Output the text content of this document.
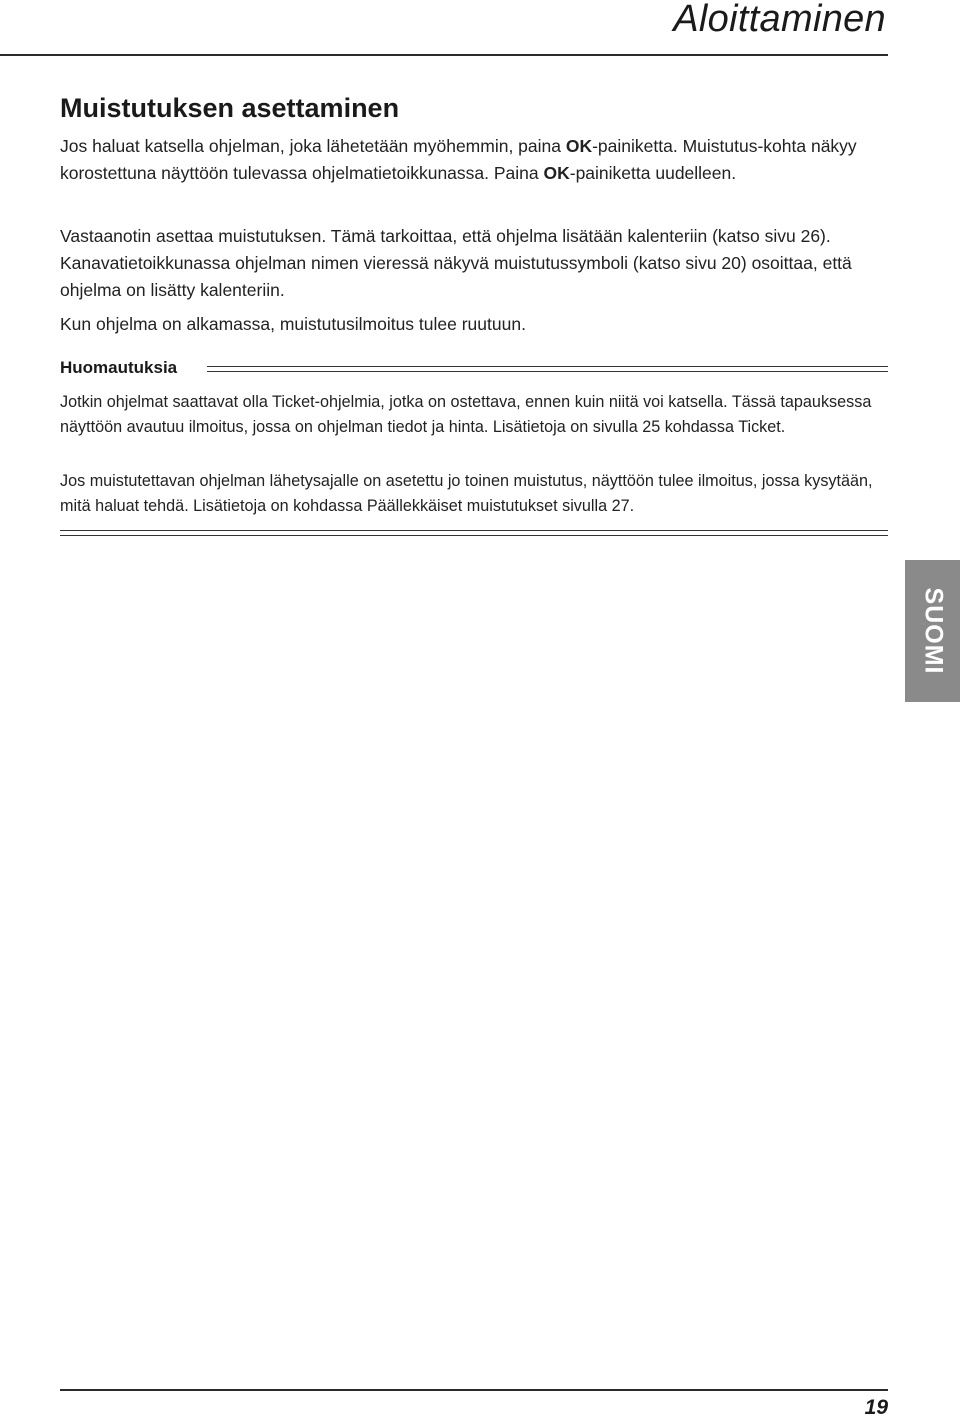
Aloittaminen
Muistutuksen asettaminen
Jos haluat katsella ohjelman, joka lähetetään myöhemmin, paina OK-painiketta. Muistutus-kohta näkyy korostettuna näyttöön tulevassa ohjelmatietoikkunassa. Paina OK-painiketta uudelleen.
Vastaanotin asettaa muistutuksen. Tämä tarkoittaa, että ohjelma lisätään kalenteriin (katso sivu 26). Kanavatietoikkunassa ohjelman nimen vieressä näkyvä muistutussymboli (katso sivu 20) osoittaa, että ohjelma on lisätty kalenteriin.
Kun ohjelma on alkamassa, muistutusilmoitus tulee ruutuun.
Huomautuksia
Jotkin ohjelmat saattavat olla Ticket-ohjelmia, jotka on ostettava, ennen kuin niitä voi katsella. Tässä tapauksessa näyttöön avautuu ilmoitus, jossa on ohjelman tiedot ja hinta. Lisätietoja on sivulla 25 kohdassa Ticket.
Jos muistutettavan ohjelman lähetysajalle on asetettu jo toinen muistutus, näyttöön tulee ilmoitus, jossa kysytään, mitä haluat tehdä. Lisätietoja on kohdassa Päällekkäiset muistutukset sivulla 27.
SUOMI
19
